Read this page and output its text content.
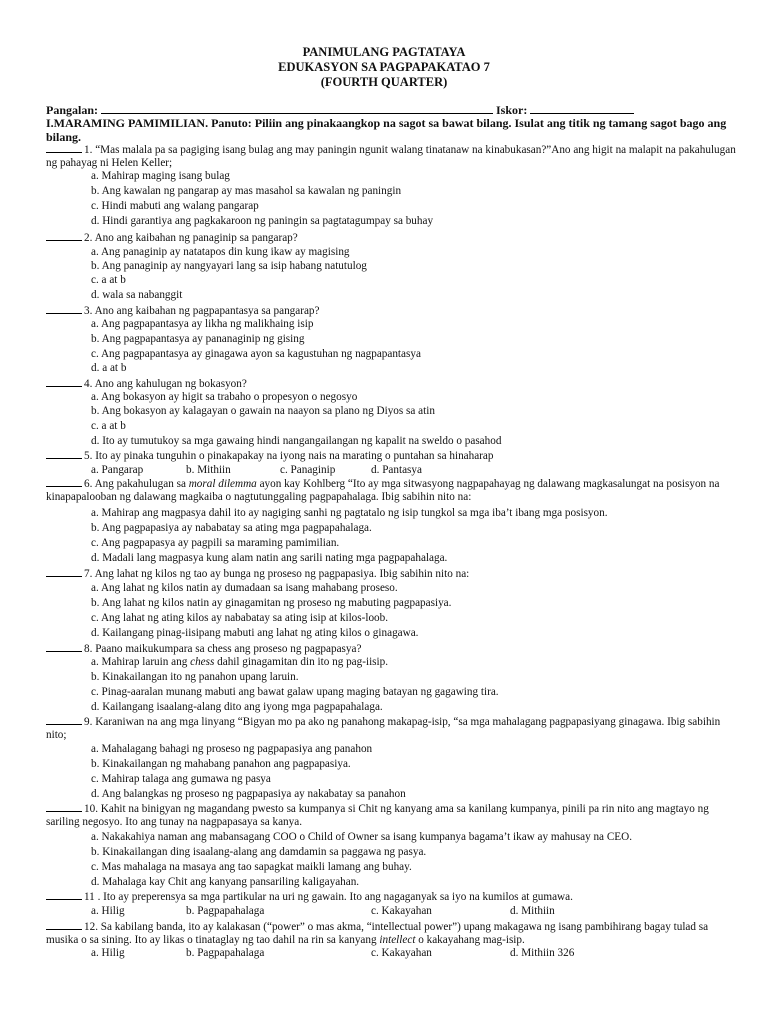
PANIMULANG PAGTATAYA
EDUKASYON SA PAGPAPAKATAO 7
(FOURTH QUARTER)
Pangalan:	Iskor:
I.MARAMING PAMIMILIAN. Panuto: Piliin ang pinakaangkop na sagot sa bawat bilang. Isulat ang titik ng tamang sagot bago ang bilang.
1. “Mas malala pa sa pagiging isang bulag ang may paningin ngunit walang tinatanaw na kinabukasan?”Ano ang higit na malapit na pakahulugan ng pahayag ni Helen Keller;
a. Mahirap maging isang bulag
b. Ang kawalan ng pangarap ay mas masahol sa kawalan ng paningin
c. Hindi mabuti ang walang pangarap
d. Hindi garantiya ang pagkakaroon ng paningin sa pagtatagumpay sa buhay
2. Ano ang kaibahan ng panaginip sa pangarap?
a. Ang panaginip ay natatapos din kung ikaw ay magising
b. Ang panaginip ay nangyayari lang sa isip habang natutulog
c. a at b
d. wala sa nabanggit
3. Ano ang kaibahan ng pagpapantasya sa pangarap?
a. Ang pagpapantasya ay likha ng malikhaing isip
b. Ang pagpapantasya ay pananaginip ng gising
c. Ang pagpapantasya ay ginagawa ayon sa kagustuhan ng nagpapantasya
d. a at b
4. Ano ang kahulugan ng bokasyon?
a. Ang bokasyon ay higit sa trabaho o propesyon o negosyo
b. Ang bokasyon ay kalagayan o gawain na naayon sa plano ng Diyos sa atin
c. a at b
d. Ito ay tumutukoy sa mga gawaing hindi nangangailangan ng kapalit na sweldo o pasahod
5. Ito ay pinaka tunguhin o pinakapakay na iyong nais na marating o puntahan sa hinaharap
a. Pangarap	b. Mithiin	c. Panaginip	d. Pantasya
6. Ang pakahulugan sa moral dilemma ayon kay Kohlberg “Ito ay mga sitwasyong nagpapahayag ng dalawang magkasalungat na posisyon na kinapapalooban ng dalawang magkaiba o nagtutunggaling pagpapahalaga. Ibig sabihin nito na:
a. Mahirap ang magpasya dahil ito ay nagiging sanhi ng pagtatalo ng isip tungkol sa mga iba’t ibang mga posisyon.
b. Ang pagpapasiya ay nababatay sa ating mga pagpapahalaga.
c. Ang pagpapasya ay pagpili sa maraming pamimilian.
d. Madali lang magpasya kung alam natin ang sarili nating mga pagpapahalaga.
7. Ang lahat ng kilos ng tao ay bunga ng proseso ng pagpapasiya. Ibig sabihin nito na:
a. Ang lahat ng kilos natin ay dumadaan sa isang mahabang proseso.
b. Ang lahat ng kilos natin ay ginagamitan ng proseso ng mabuting pagpapasiya.
c. Ang lahat ng ating kilos ay nababatay sa ating isip at kilos-loob.
d. Kailangang pinag-iisipang mabuti ang lahat ng ating kilos o ginagawa.
8. Paano maikukumpara sa chess ang proseso ng pagpapasya?
a. Mahirap laruin ang chess dahil ginagamitan din ito ng pag-iisip.
b. Kinakailangan ito ng panahon upang laruin.
c. Pinag-aaralan munang mabuti ang bawat galaw upang maging batayan ng gagawing tira.
d. Kailangang isaalang-alang dito ang iyong mga pagpapahalaga.
9. Karaniwan na ang mga linyang “Bigyan mo pa ako ng panahong makapag-isip, “sa mga mahalagang pagpapasiyang ginagawa. Ibig sabihin nito;
a. Mahalagang bahagi ng proseso ng pagpapasiya ang panahon
b. Kinakailangan ng mahabang panahon ang pagpapasiya.
c. Mahirap talaga ang gumawa ng pasya
d. Ang balangkas ng proseso ng pagpapasiya ay nakabatay sa panahon
10. Kahit na binigyan ng magandang pwesto sa kumpanya si Chit ng kanyang ama sa kanilang kumpanya, pinili pa rin nito ang magtayo ng sariling negosyo. Ito ang tunay na nagpapasaya sa kanya.
a. Nakakahiya naman ang mabansagang COO o Child of Owner sa isang kumpanya bagama’t ikaw ay mahusay na CEO.
b. Kinakailangan ding isaalang-alang ang damdamin sa paggawa ng pasya.
c. Mas mahalaga na masaya ang tao sapagkat maikli lamang ang buhay.
d. Mahalaga kay Chit ang kanyang pansariling kaligayahan.
11 . Ito ay preperensya sa mga partikular na uri ng gawain. Ito ang nagaganyak sa iyo na kumilos at gumawa.
a. Hilig	b. Pagpapahalaga	c. Kakayahan	d. Mithiin
12. Sa kabilang banda, ito ay kalakasan (“power” o mas akma, “intellectual power”) upang makagawa ng isang pambihirang bagay tulad sa musika o sa sining. Ito ay likas o tinataglay ng tao dahil na rin sa kanyang intellect o kakayahang mag-isip.
a. Hilig	b. Pagpapahalaga	c. Kakayahan	d. Mithiin 326
